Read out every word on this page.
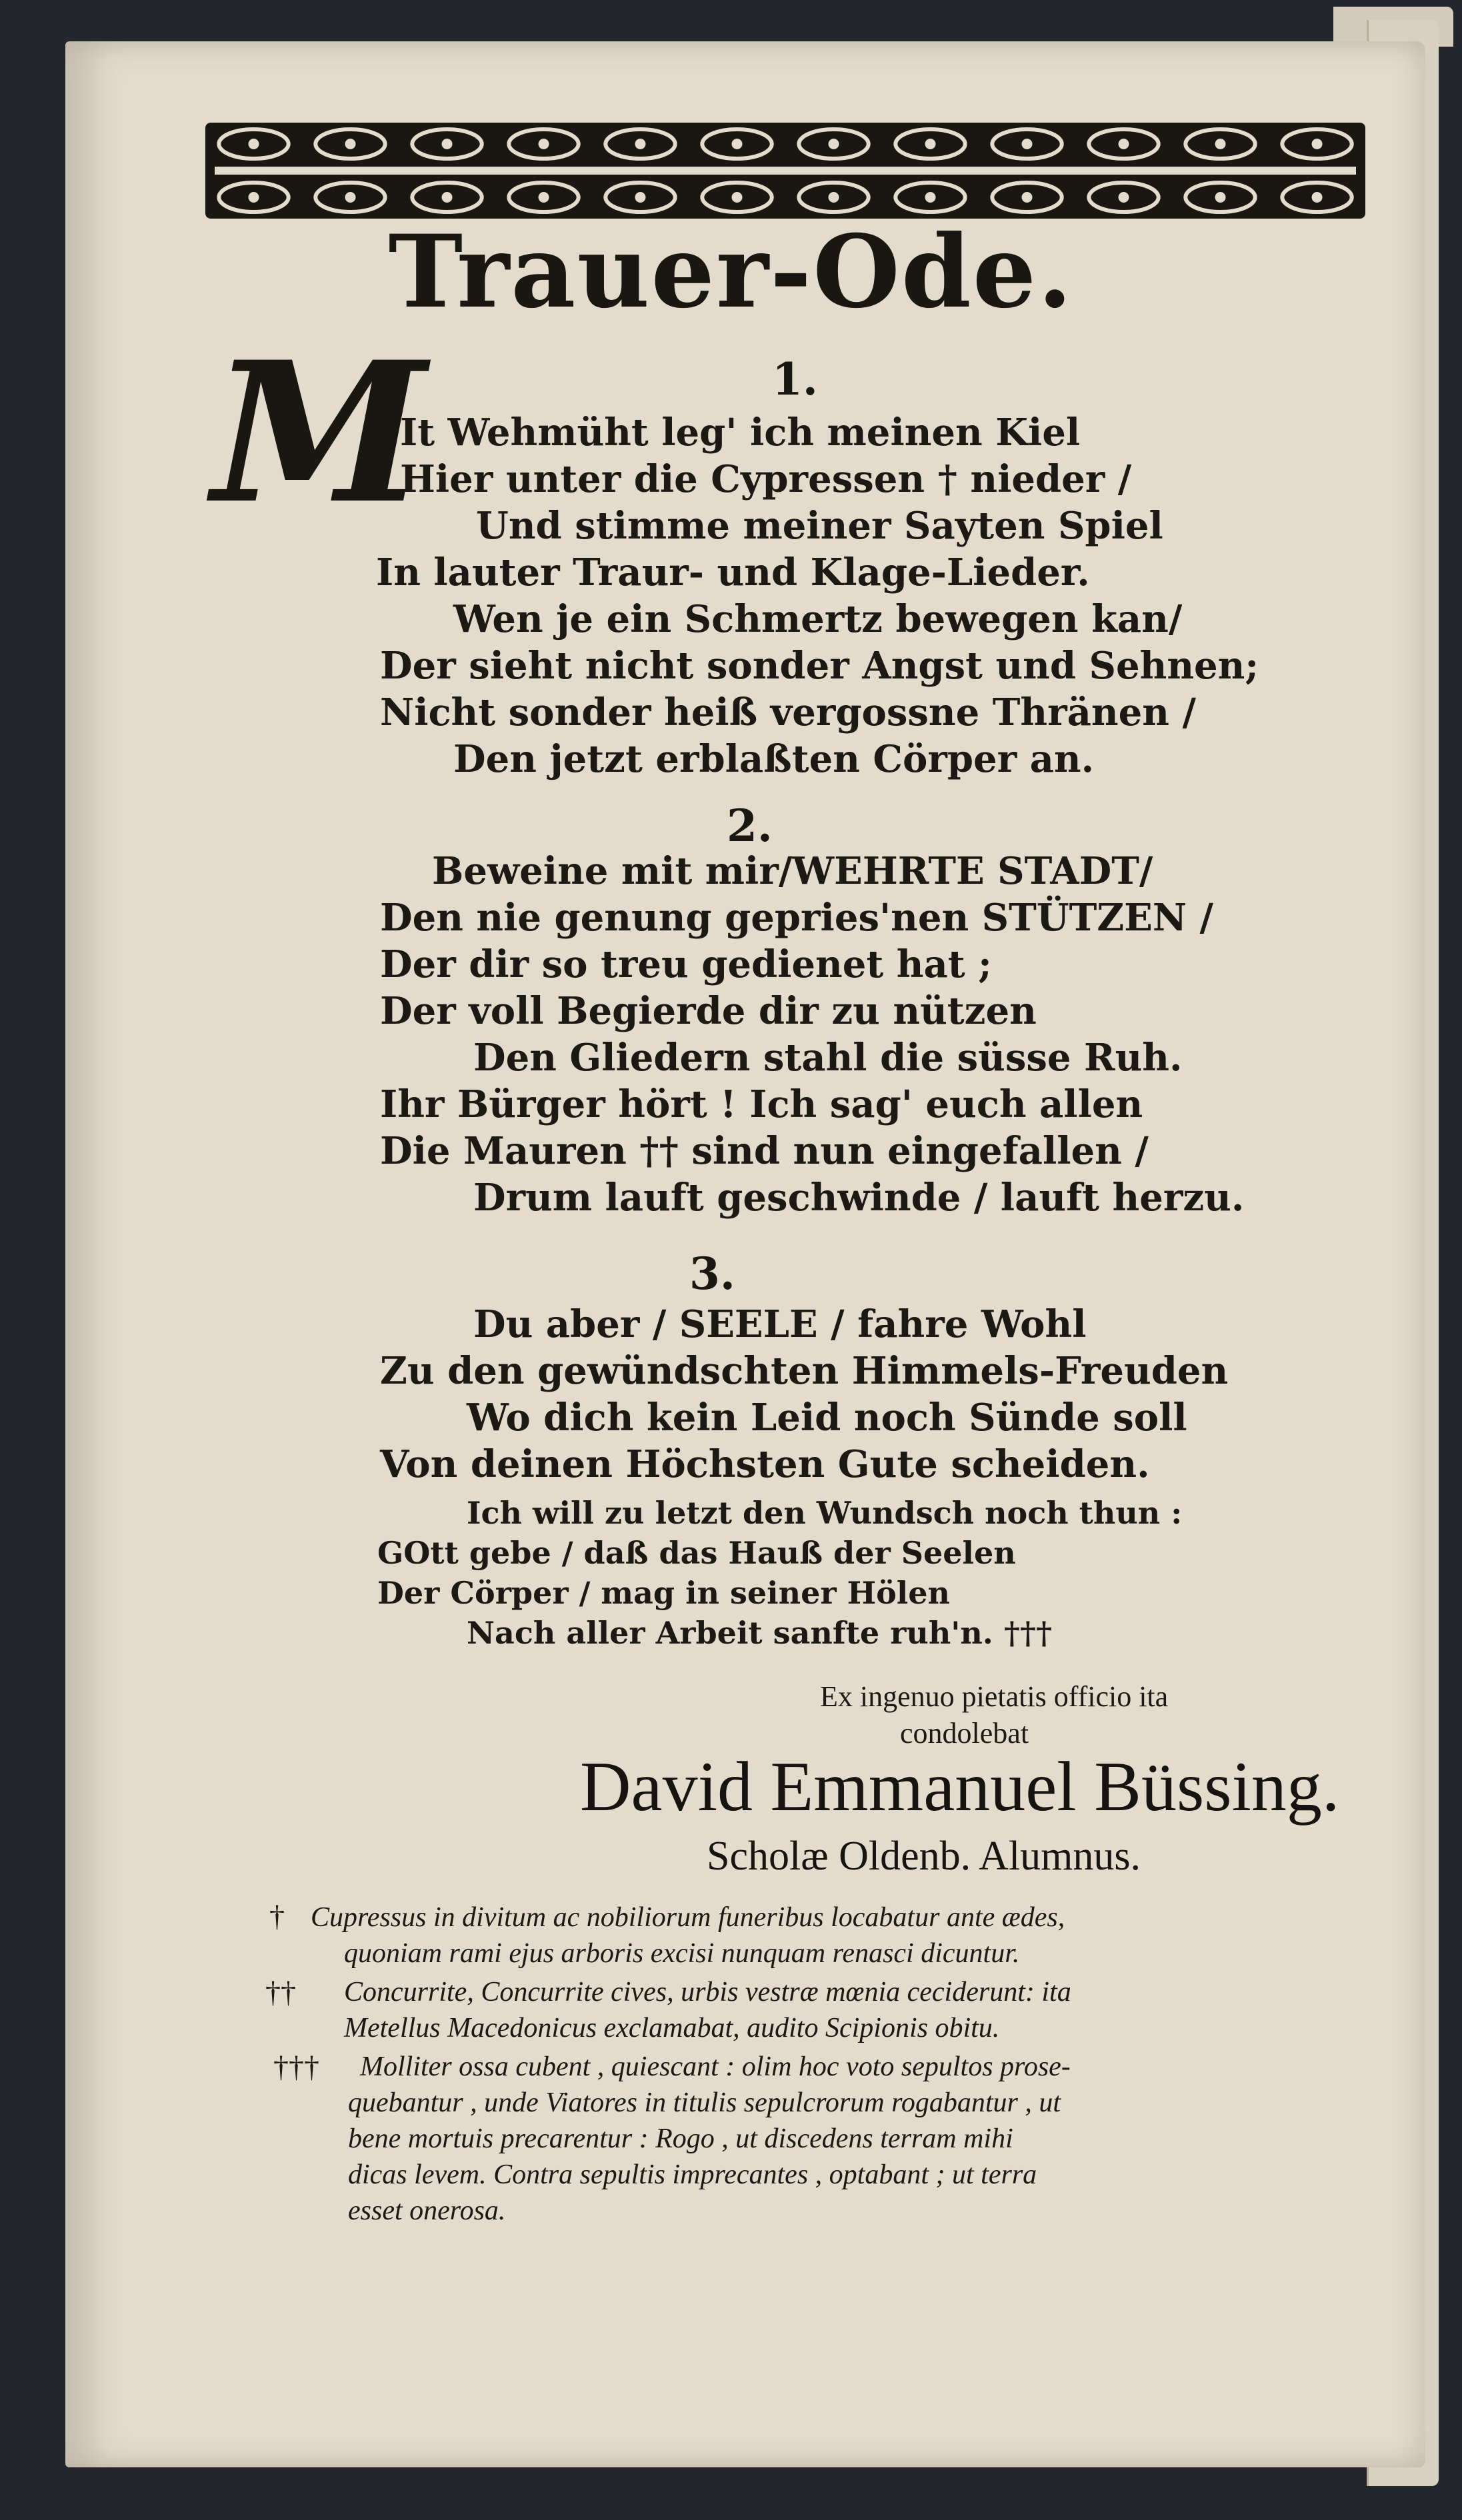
Trauer-Ode.
1.
M
It Wehmüht leg' ich meinen Kiel
Hier unter die Cypressen † nieder /
Und stimme meiner Sayten Spiel
In lauter Traur- und Klage-Lieder.
Wen je ein Schmertz bewegen kan/
Der sieht nicht sonder Angst und Sehnen;
Nicht sonder heiß vergossne Thränen /
Den jetzt erblaßten Cörper an.
2.
Beweine mit mir/WEHRTE STADT/
Den nie genung gepries'nen STÜTZEN /
Der dir so treu gedienet hat ;
Der voll Begierde dir zu nützen
Den Gliedern stahl die süsse Ruh.
Ihr Bürger hört ! Ich sag' euch allen
Die Mauren †† sind nun eingefallen /
Drum lauft geschwinde / lauft herzu.
3.
Du aber / SEELE / fahre Wohl
Zu den gewündschten Himmels-Freuden
Wo dich kein Leid noch Sünde soll
Von deinen Höchsten Gute scheiden.
Ich will zu letzt den Wundsch noch thun :
GOtt gebe / daß das Hauß der Seelen
Der Cörper / mag in seiner Hölen
Nach aller Arbeit sanfte ruh'n. †††
Ex ingenuo pietatis officio ita
condolebat
David Emmanuel Büssing.
Scholæ Oldenb. Alumnus.
† Cupressus in divitum ac nobiliorum funeribus locabatur ante ædes,
quoniam rami ejus arboris excisi nunquam renasci dicuntur.
†† Concurrite, Concurrite cives, urbis vestræ mœnia ceciderunt: ita
Metellus Macedonicus exclamabat, audito Scipionis obitu.
††† Molliter ossa cubent , quiescant : olim hoc voto sepultos prose-
quebantur , unde Viatores in titulis sepulcrorum rogabantur , ut
bene mortuis precarentur : Rogo , ut discedens terram mihi
dicas levem. Contra sepultis imprecantes , optabant ; ut terra
esset onerosa.
